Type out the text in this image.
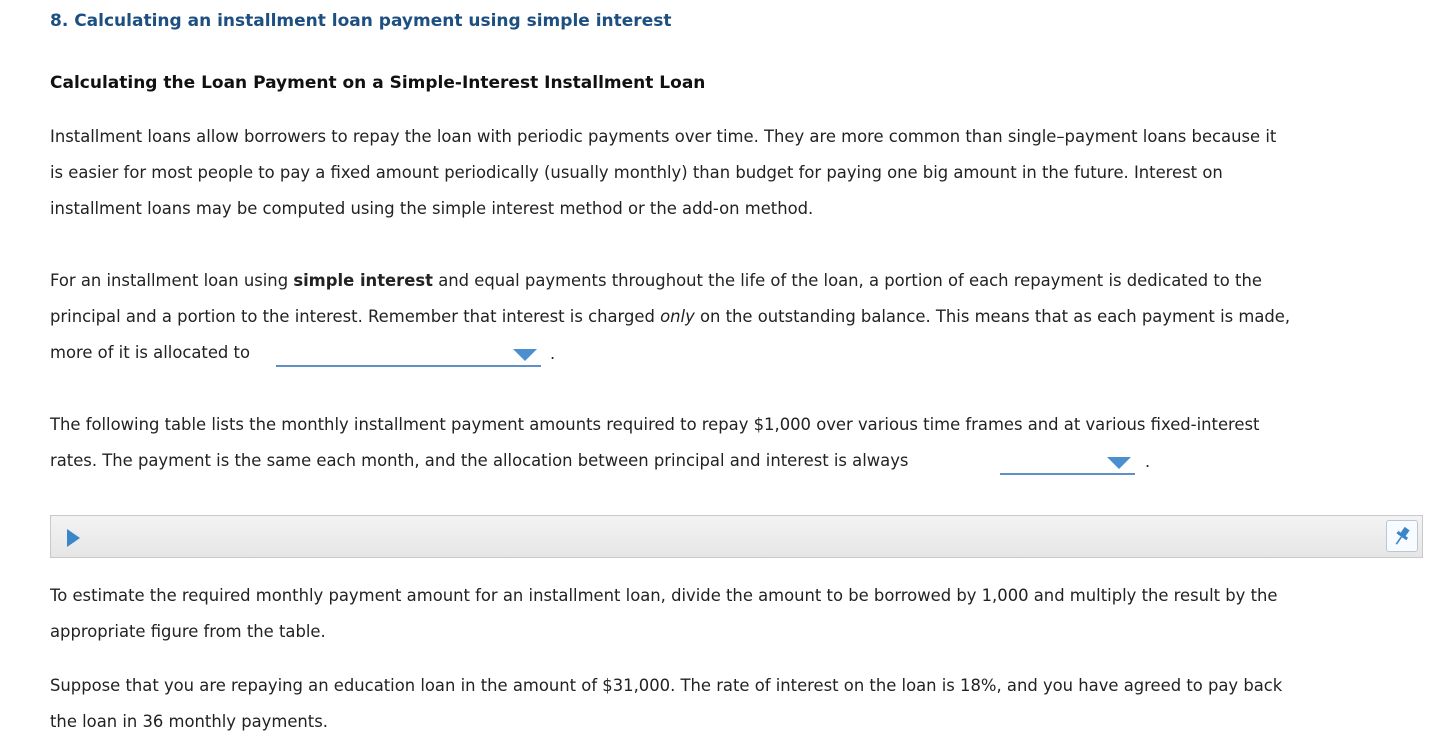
8. Calculating an installment loan payment using simple interest
Calculating the Loan Payment on a Simple-Interest Installment Loan
Installment loans allow borrowers to repay the loan with periodic payments over time. They are more common than single–payment loans because it
is easier for most people to pay a fixed amount periodically (usually monthly) than budget for paying one big amount in the future. Interest on
installment loans may be computed using the simple interest method or the add-on method.
For an installment loan using simple interest and equal payments throughout the life of the loan, a portion of each repayment is dedicated to the
principal and a portion to the interest. Remember that interest is charged only on the outstanding balance. This means that as each payment is made,
more of it is allocated to	.
The following table lists the monthly installment payment amounts required to repay $1,000 over various time frames and at various fixed-interest
rates. The payment is the same each month, and the allocation between principal and interest is always	.
To estimate the required monthly payment amount for an installment loan, divide the amount to be borrowed by 1,000 and multiply the result by the
appropriate figure from the table.
Suppose that you are repaying an education loan in the amount of $31,000. The rate of interest on the loan is 18%, and you have agreed to pay back
the loan in 36 monthly payments.
